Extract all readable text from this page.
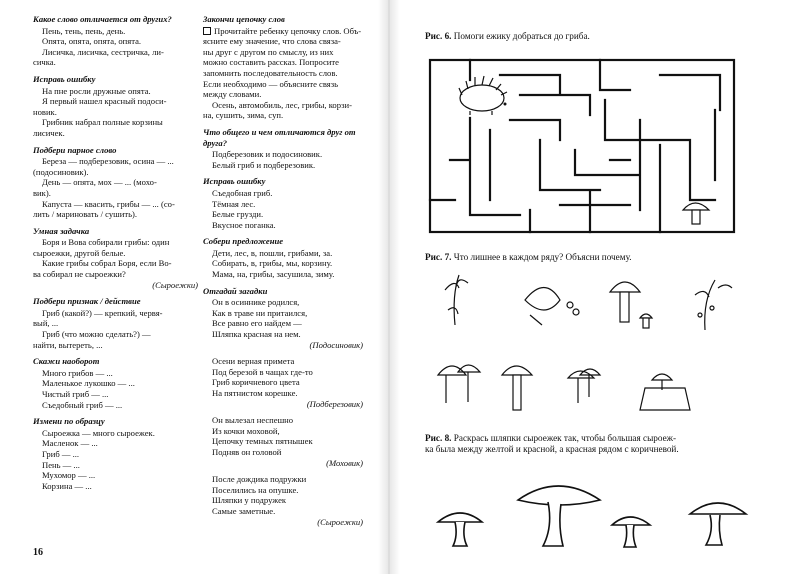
Какое слово отличается от других?
Пень, тень, пень, день.
Опята, опята, опята, опята.
Лисичка, лисичка, сестричка, ли-
сичка.
Исправь ошибку
На пне росли дружные опята.
Я первый нашел красный подоси-
новик.
Грибник набрал полные корзины
лисичек.
Подбери парное слово
Береза — подберезовик, осина — ...
(подосиновик).
День — опята, мох — ... (мохо-
вик).
Капуста — квасить, грибы — ... (со-
лить / мариновать / сушить).
Умная задачка
Боря и Вова собирали грибы: один
сыроежки, другой белые.
Какие грибы собрал Боря, если Во-
ва собирал не сыроежки?
(Сыроежки)
Подбери признак / действие
Гриб (какой?) — крепкий, червя-
вый, ...
Гриб (что можно сделать?) —
найти, вытереть, ...
Скажи наоборот
Много грибов — ...
Маленькое лукошко — ...
Чистый гриб — ...
Съедобный гриб — ...
Измени по образцу
Сыроежка — много сыроежек.
Масленок — ...
Гриб — ...
Пень — ...
Мухомор — ...
Корзина — ...
Закончи цепочку слов
Прочитайте ребенку цепочку слов. Объ-
ясните ему значение, что слова связа-
ны друг с другом по смыслу, из них
можно составить рассказ. Попросите
запомнить последовательность слов.
Если необходимо — объясните связь
между словами.
Осень, автомобиль, лес, грибы, корзи-
на, сушить, зима, суп.
Что общего и чем отличаются друг от друга?
Подберезовик и подосиновик.
Белый гриб и подберезовик.
Исправь ошибку
Съедобная гриб.
Тёмная лес.
Белые грузди.
Вкусное поганка.
Собери предложение
Дети, лес, в, пошли, грибами, за.
Собирать, в, грибы, мы, корзину.
Мама, на, грибы, засушила, зиму.
Отгадай загадки
Он в осиннике родился,
Как в траве ни притаился,
Все равно его найдем —
Шляпка красная на нем.
(Подосиновик)
Осени верная примета
Под березой в чащах где-то
Гриб коричневого цвета
На пятнистом корешке.
(Подберезовик)
Он вылезал неспешно
Из кочки моховой,
Цепочку темных пятнышек
Подняв он головой
(Моховик)
После дождика подружки
Поселились на опушке.
Шляпки у подружек
Самые заметные.
(Сыроежки)
16
Рис. 6. Помоги ежику добраться до гриба.
Рис. 7. Что лишнее в каждом ряду? Объясни почему.
Рис. 8. Раскрась шляпки сыроежек так, чтобы большая сыроеж-
ка была между желтой и красной, а красная рядом с коричневой.
